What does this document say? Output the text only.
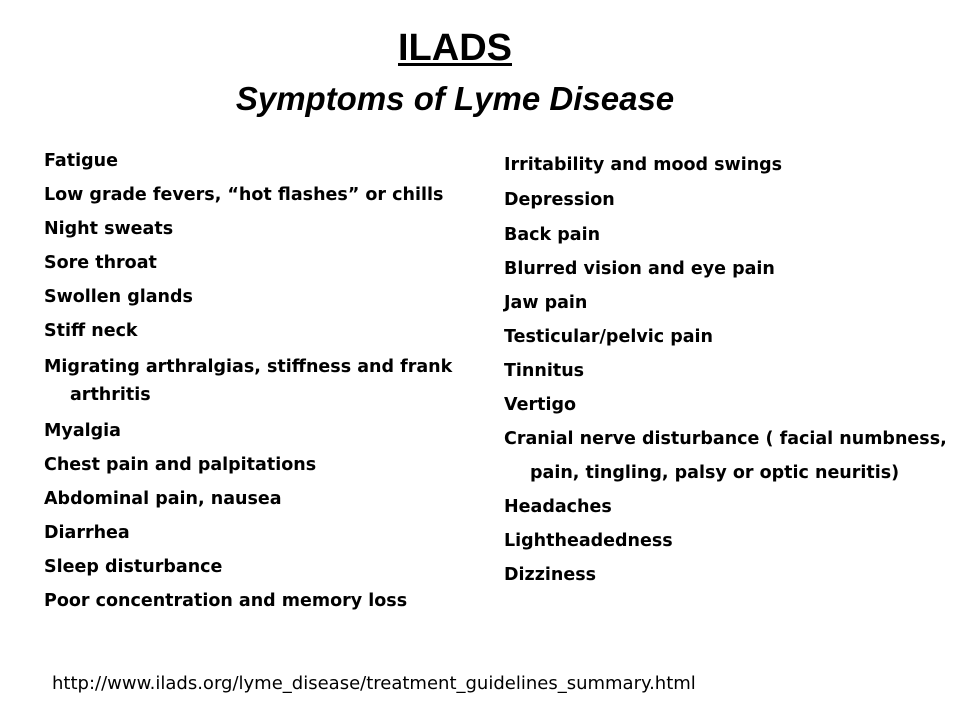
ILADS
Symptoms of Lyme Disease
Fatigue
Low grade fevers, “hot flashes” or chills
Night sweats
Sore throat
Swollen glands
Stiff neck
Migrating arthralgias, stiffness and frank
arthritis
Myalgia
Chest pain and palpitations
Abdominal pain, nausea
Diarrhea
Sleep disturbance
Poor concentration and memory loss
Irritability and mood swings
Depression
Back pain
Blurred vision and eye pain
Jaw pain
Testicular/pelvic pain
Tinnitus
Vertigo
Cranial nerve disturbance ( facial numbness,
pain, tingling, palsy or optic neuritis)
Headaches
Lightheadedness
Dizziness
http://www.ilads.org/lyme_disease/treatment_guidelines_summary.html
